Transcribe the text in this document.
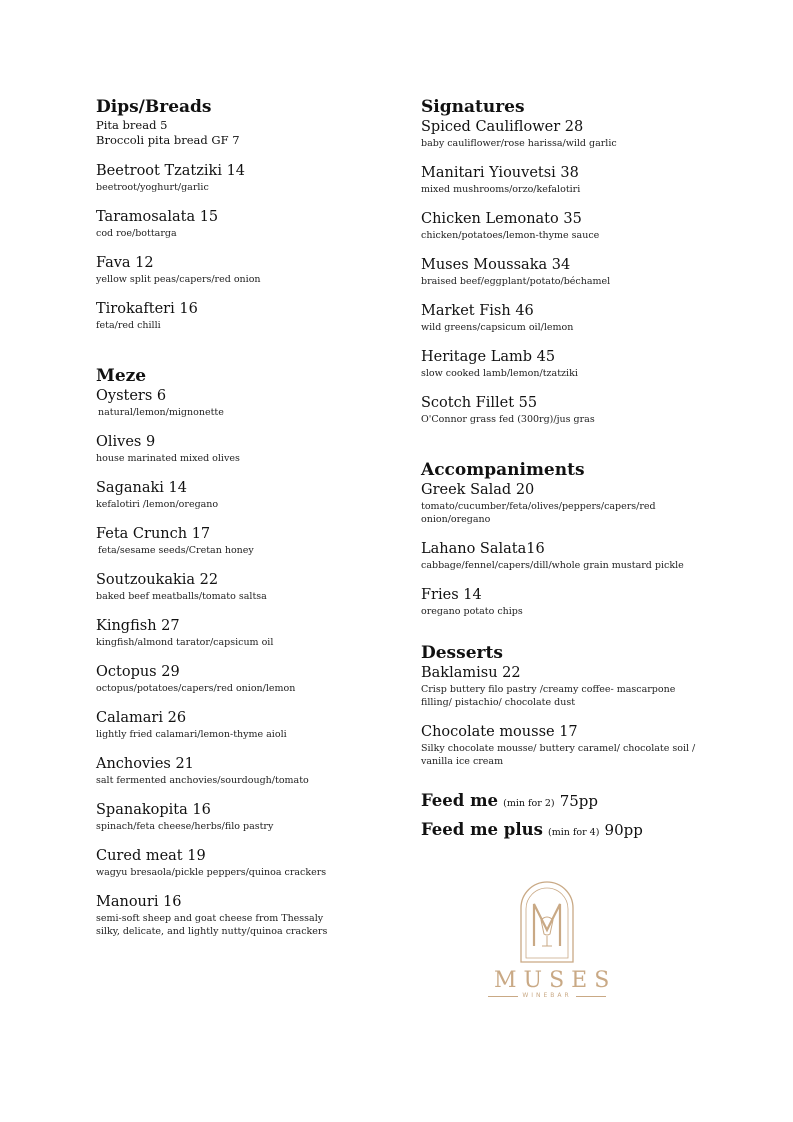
Dips/Breads
Pita bread 5
Broccoli pita bread GF 7
Beetroot Tzatziki 14
beetroot/yoghurt/garlic
Taramosalata 15
cod roe/bottarga
Fava 12
yellow split peas/capers/red onion
Tirokafteri 16
feta/red chilli
Meze
Oysters 6
natural/lemon/mignonette
Olives 9
house marinated mixed olives
Saganaki 14
kefalotiri /lemon/oregano
Feta Crunch 17
feta/sesame seeds/Cretan honey
Soutzoukakia 22
baked beef meatballs/tomato saltsa
Kingfish 27
kingfish/almond tarator/capsicum oil
Octopus 29
octopus/potatoes/capers/red onion/lemon
Calamari 26
lightly fried calamari/lemon-thyme aioli
Anchovies 21
salt fermented anchovies/sourdough/tomato
Spanakopita 16
spinach/feta cheese/herbs/filo pastry
Cured meat 19
wagyu bresaola/pickle peppers/quinoa crackers
Manouri 16
semi-soft sheep and goat cheese from Thessaly silky, delicate, and lightly nutty/quinoa crackers
Signatures
Spiced Cauliflower 28
baby cauliflower/rose harissa/wild garlic
Manitari Yiouvetsi 38
mixed mushrooms/orzo/kefalotiri
Chicken Lemonato 35
chicken/potatoes/lemon-thyme sauce
Muses Moussaka 34
braised beef/eggplant/potato/béchamel
Market Fish 46
wild greens/capsicum oil/lemon
Heritage Lamb 45
slow cooked lamb/lemon/tzatziki
Scotch Fillet 55
O'Connor grass fed (300rg)/jus gras
Accompaniments
Greek Salad 20
tomato/cucumber/feta/olives/peppers/capers/red onion/oregano
Lahano Salata16
cabbage/fennel/capers/dill/whole grain mustard pickle
Fries 14
oregano potato chips
Desserts
Baklamisu 22
Crisp buttery filo pastry /creamy coffee- mascarpone filling/ pistachio/ chocolate dust
Chocolate mousse 17
Silky chocolate mousse/ buttery caramel/ chocolate soil / vanilla ice cream
Feed me (min for 2) 75pp
Feed me plus (min for 4) 90pp
MUSES
WINEBAR
